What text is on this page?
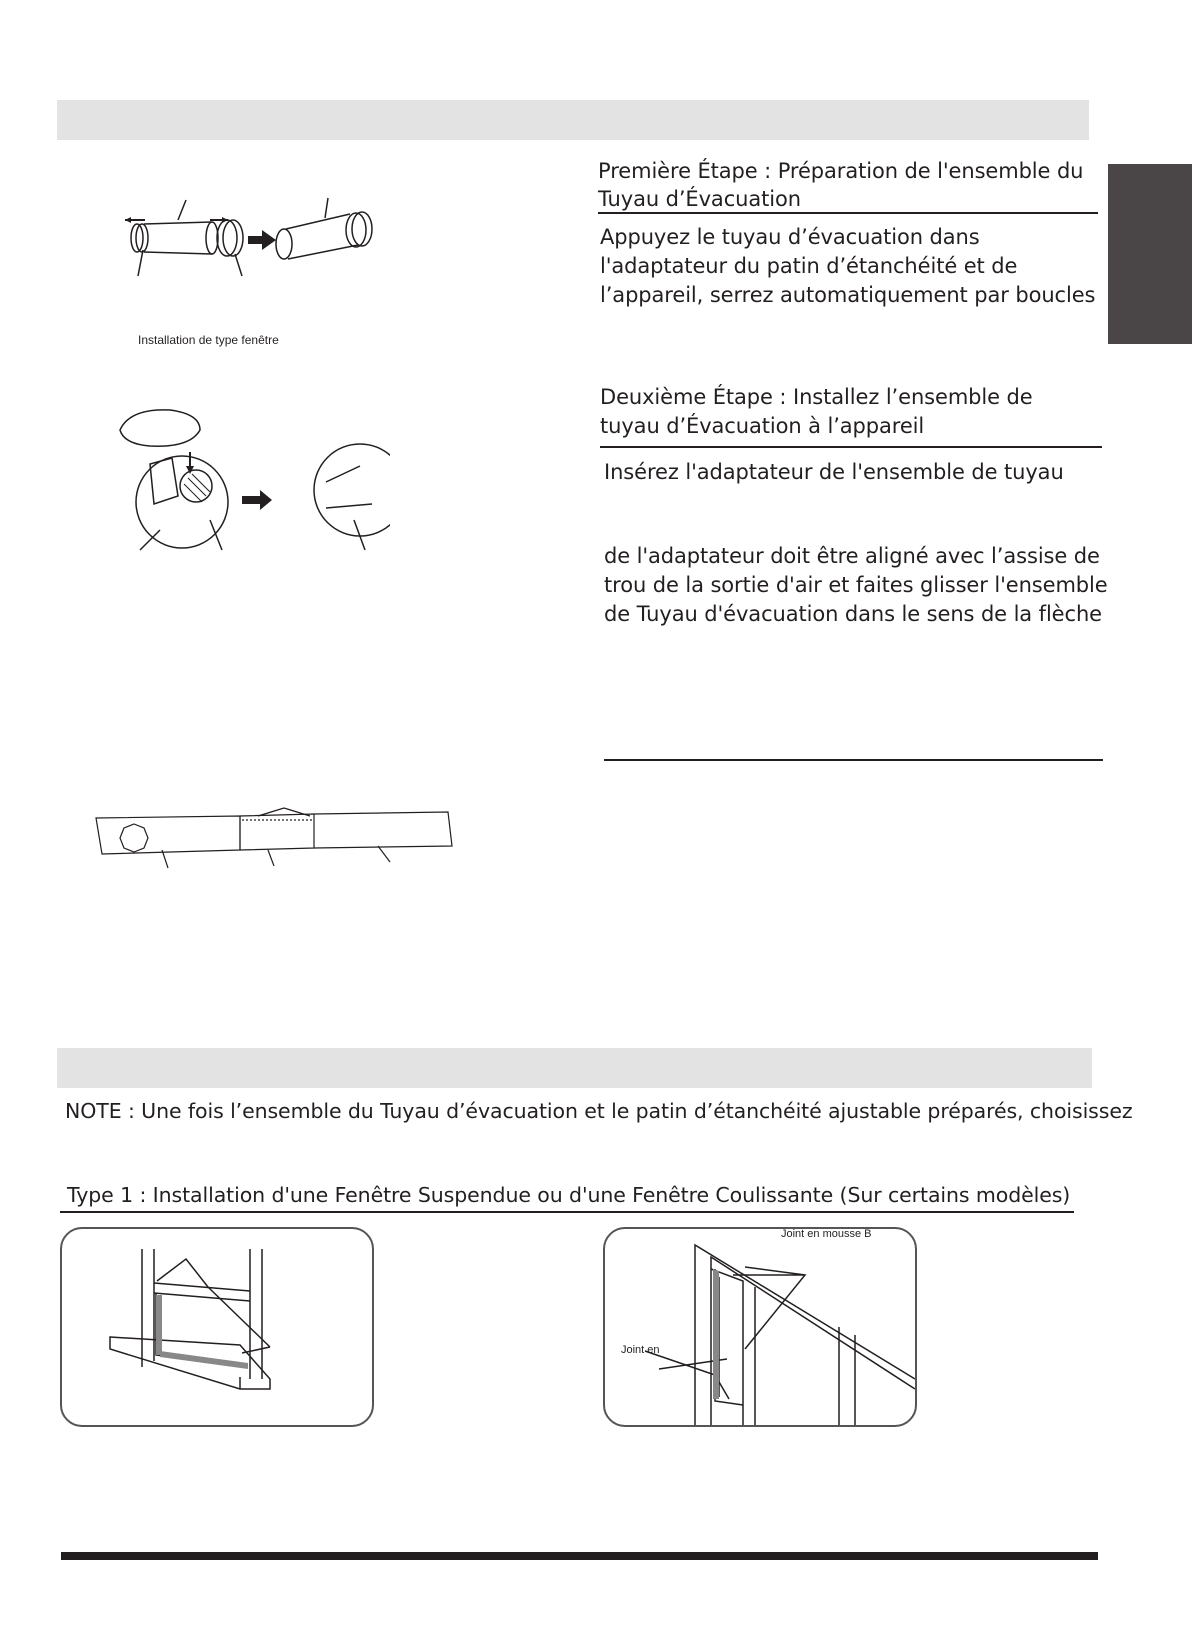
Première Étape : Préparation de l'ensemble du
Tuyau d’Évacuation
Appuyez le tuyau d’évacuation dans
l'adaptateur du patin d’étanchéité et de
l’appareil, serrez automatiquement par boucles
Installation de type fenêtre
Deuxième Étape : Installez l’ensemble de
tuyau d’Évacuation à l’appareil
Insérez l'adaptateur de l'ensemble de tuyau
de l'adaptateur doit être aligné avec l’assise de
trou de la sortie d'air et faites glisser l'ensemble
de Tuyau d'évacuation dans le sens de la flèche
NOTE : Une fois l’ensemble du Tuyau d’évacuation et le patin d’étanchéité ajustable préparés, choisissez
Type 1 : Installation d'une Fenêtre Suspendue ou d'une Fenêtre Coulissante (Sur certains modèles)
Joint en mousse B
Joint en
